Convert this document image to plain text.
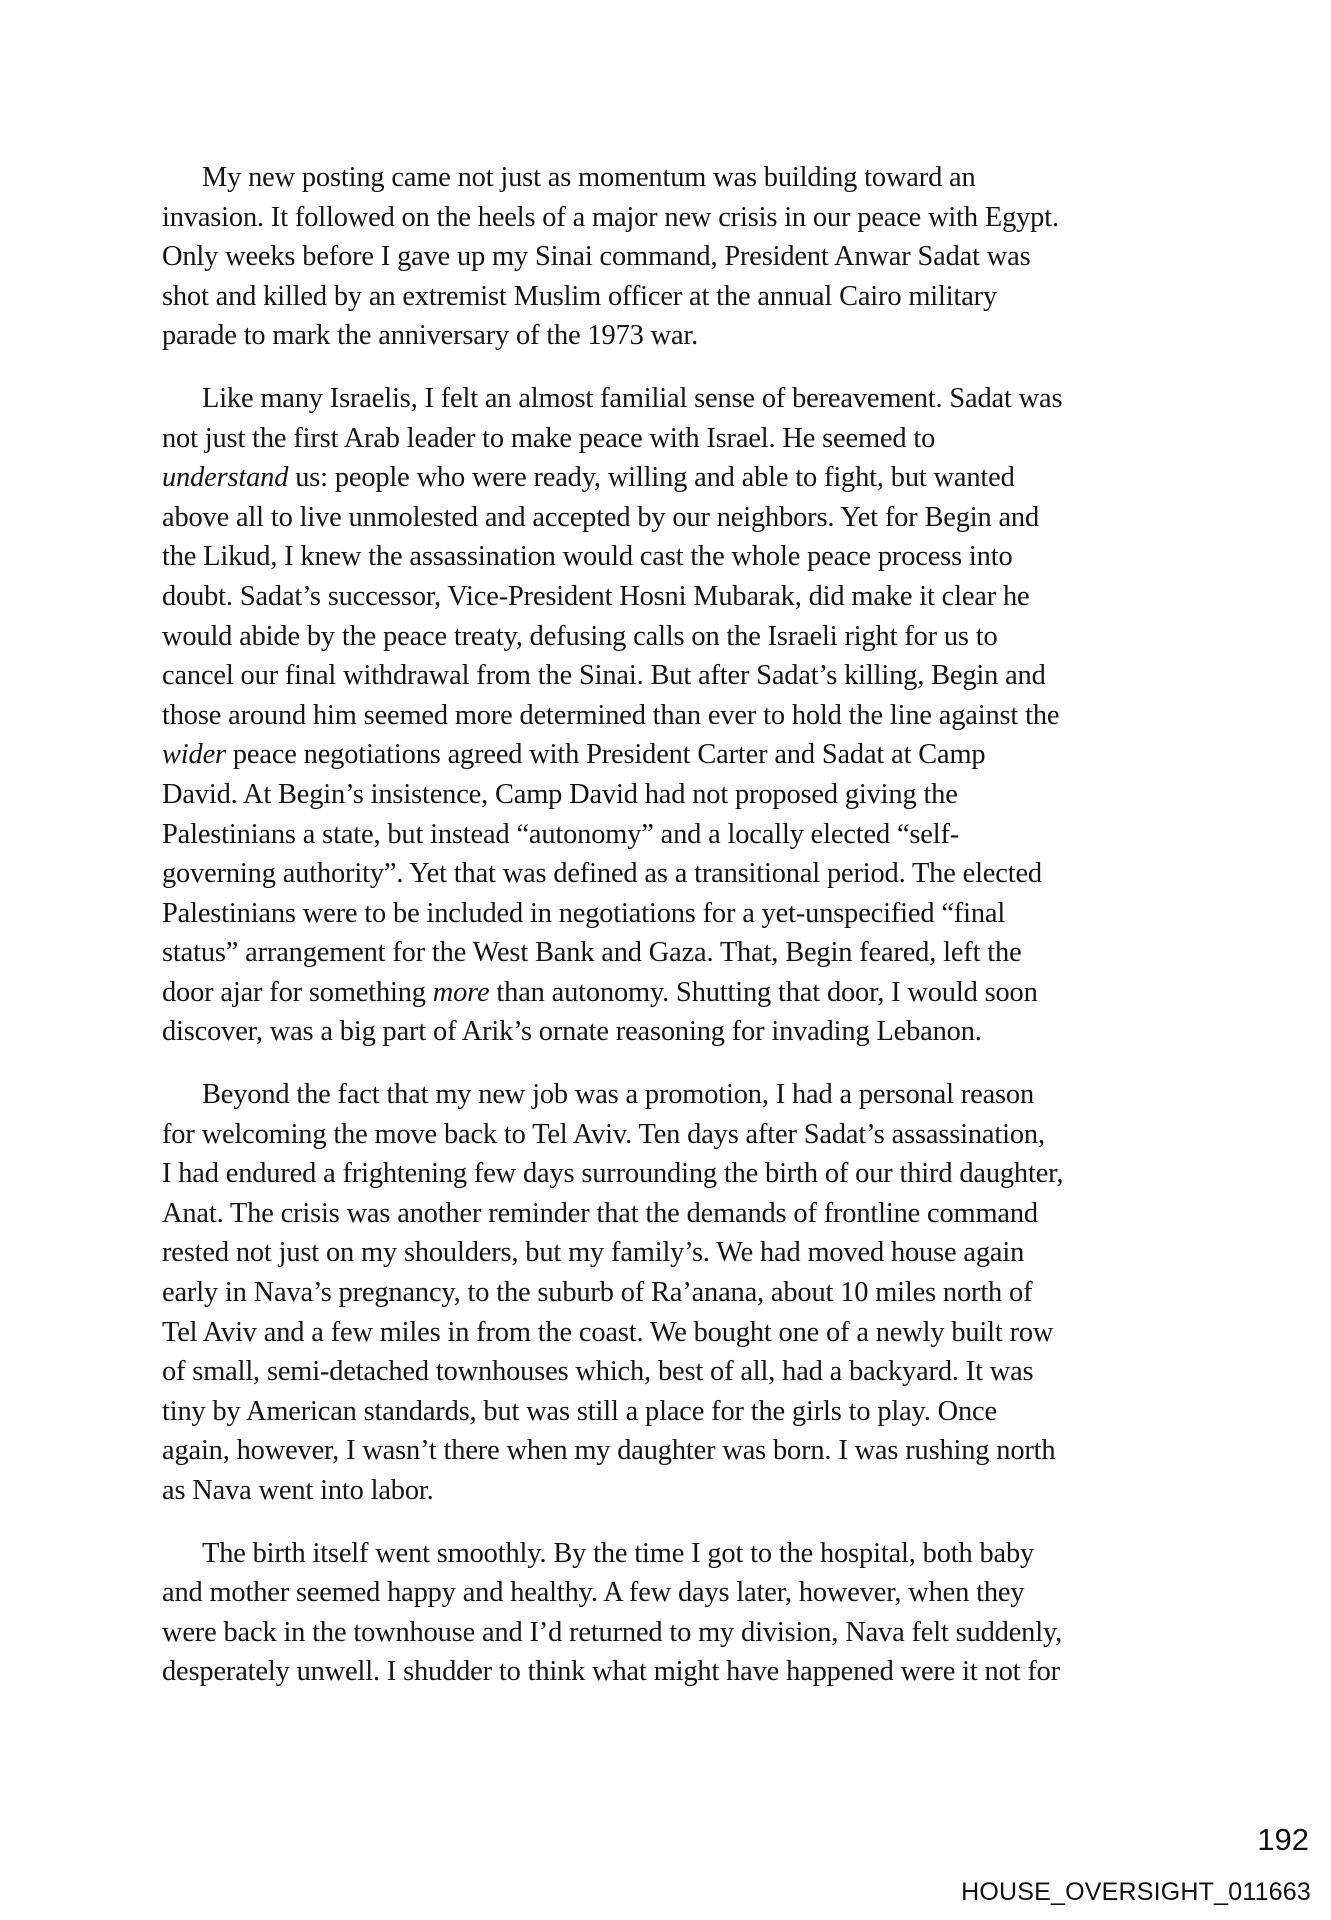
My new posting came not just as momentum was building toward an
invasion. It followed on the heels of a major new crisis in our peace with Egypt.
Only weeks before I gave up my Sinai command, President Anwar Sadat was
shot and killed by an extremist Muslim officer at the annual Cairo military
parade to mark the anniversary of the 1973 war.
Like many Israelis, I felt an almost familial sense of bereavement. Sadat was
not just the first Arab leader to make peace with Israel. He seemed to
understand us: people who were ready, willing and able to fight, but wanted
above all to live unmolested and accepted by our neighbors. Yet for Begin and
the Likud, I knew the assassination would cast the whole peace process into
doubt. Sadat’s successor, Vice-President Hosni Mubarak, did make it clear he
would abide by the peace treaty, defusing calls on the Israeli right for us to
cancel our final withdrawal from the Sinai. But after Sadat’s killing, Begin and
those around him seemed more determined than ever to hold the line against the
wider peace negotiations agreed with President Carter and Sadat at Camp
David. At Begin’s insistence, Camp David had not proposed giving the
Palestinians a state, but instead “autonomy” and a locally elected “self-
governing authority”. Yet that was defined as a transitional period. The elected
Palestinians were to be included in negotiations for a yet-unspecified “final
status” arrangement for the West Bank and Gaza. That, Begin feared, left the
door ajar for something more than autonomy. Shutting that door, I would soon
discover, was a big part of Arik’s ornate reasoning for invading Lebanon.
Beyond the fact that my new job was a promotion, I had a personal reason
for welcoming the move back to Tel Aviv. Ten days after Sadat’s assassination,
I had endured a frightening few days surrounding the birth of our third daughter,
Anat. The crisis was another reminder that the demands of frontline command
rested not just on my shoulders, but my family’s. We had moved house again
early in Nava’s pregnancy, to the suburb of Ra’anana, about 10 miles north of
Tel Aviv and a few miles in from the coast. We bought one of a newly built row
of small, semi-detached townhouses which, best of all, had a backyard. It was
tiny by American standards, but was still a place for the girls to play. Once
again, however, I wasn’t there when my daughter was born. I was rushing north
as Nava went into labor.
The birth itself went smoothly. By the time I got to the hospital, both baby
and mother seemed happy and healthy. A few days later, however, when they
were back in the townhouse and I’d returned to my division, Nava felt suddenly,
desperately unwell. I shudder to think what might have happened were it not for
192
HOUSE_OVERSIGHT_011663
